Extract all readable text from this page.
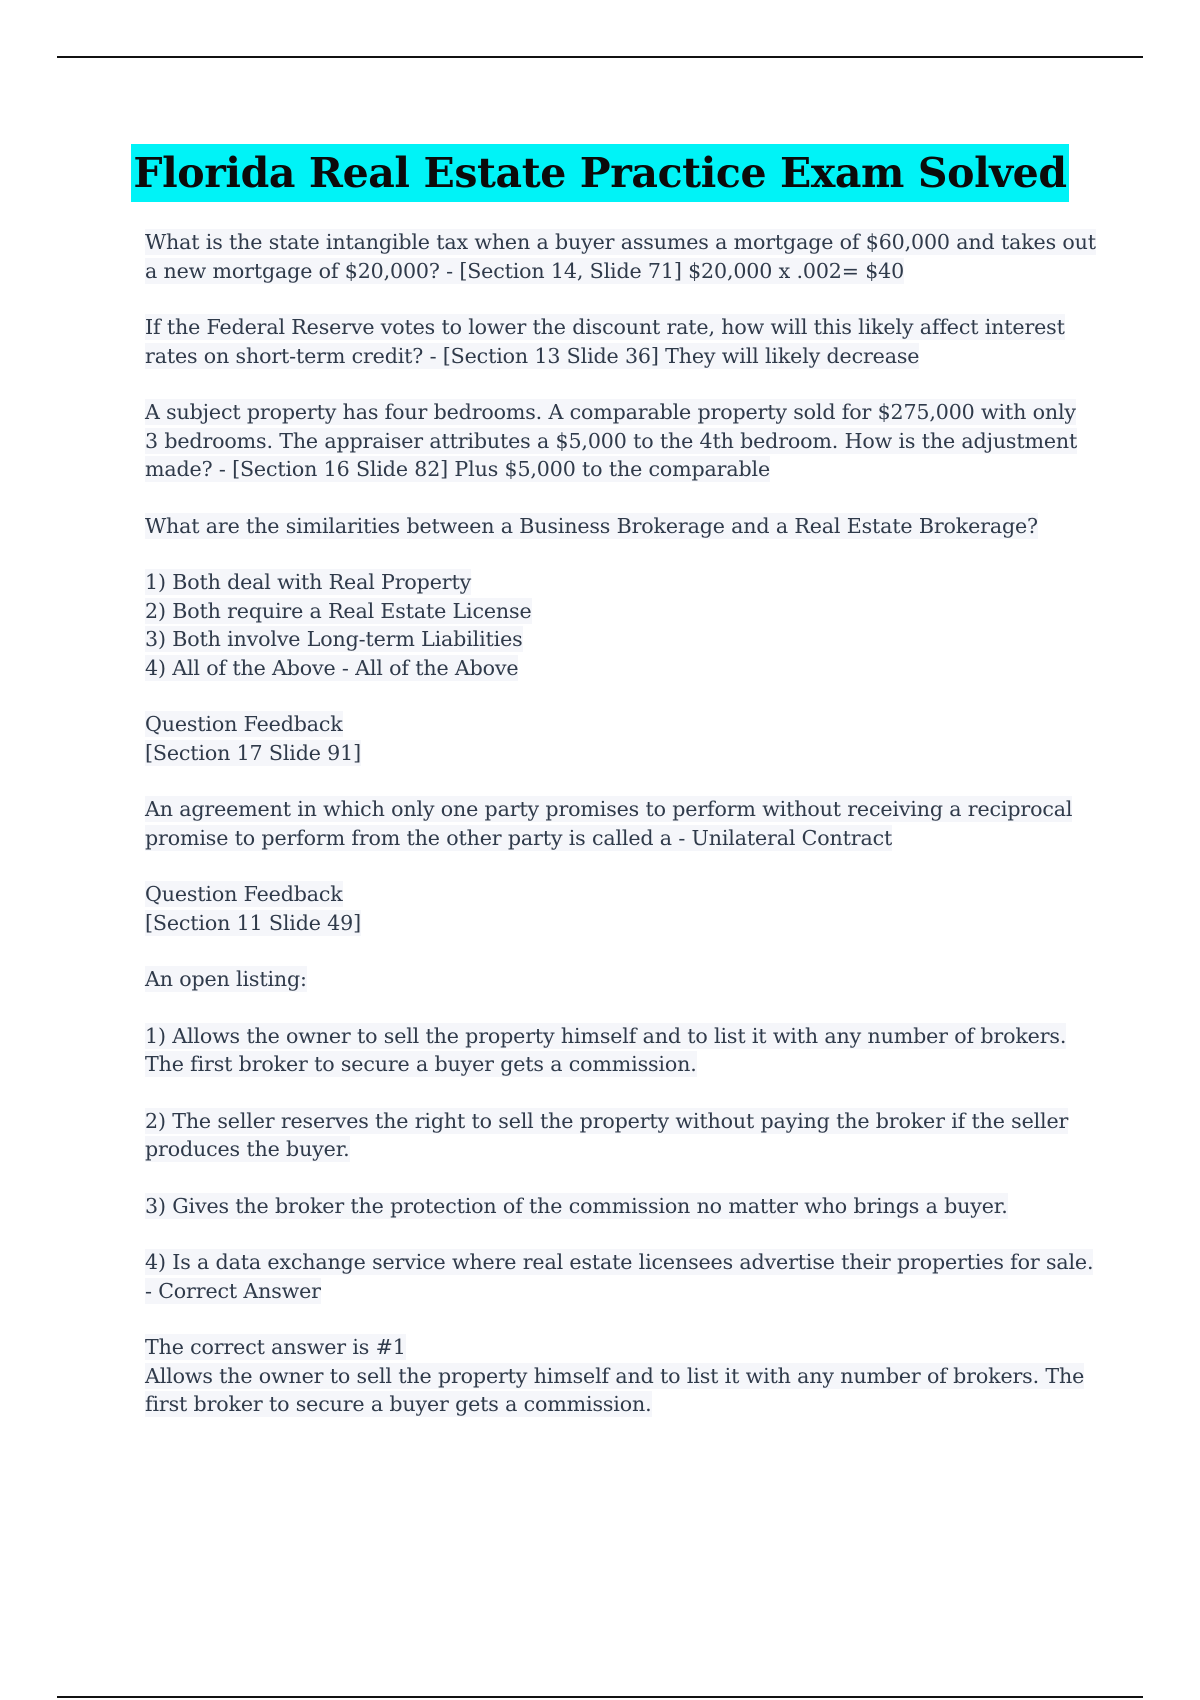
Florida Real Estate Practice Exam Solved
What is the state intangible tax when a buyer assumes a mortgage of $60,000 and takes out
a new mortgage of $20,000? - [Section 14, Slide 71] $20,000 x .002= $40
If the Federal Reserve votes to lower the discount rate, how will this likely affect interest
rates on short-term credit? - [Section 13 Slide 36] They will likely decrease
A subject property has four bedrooms. A comparable property sold for $275,000 with only
3 bedrooms. The appraiser attributes a $5,000 to the 4th bedroom. How is the adjustment
made? - [Section 16 Slide 82] Plus $5,000 to the comparable
What are the similarities between a Business Brokerage and a Real Estate Brokerage?
1) Both deal with Real Property
2) Both require a Real Estate License
3) Both involve Long-term Liabilities
4) All of the Above - All of the Above
Question Feedback
[Section 17 Slide 91]
An agreement in which only one party promises to perform without receiving a reciprocal
promise to perform from the other party is called a - Unilateral Contract
Question Feedback
[Section 11 Slide 49]
An open listing:
1) Allows the owner to sell the property himself and to list it with any number of brokers.
The first broker to secure a buyer gets a commission.
2) The seller reserves the right to sell the property without paying the broker if the seller
produces the buyer.
3) Gives the broker the protection of the commission no matter who brings a buyer.
4) Is a data exchange service where real estate licensees advertise their properties for sale.
- Correct Answer
The correct answer is #1
Allows the owner to sell the property himself and to list it with any number of brokers. The
first broker to secure a buyer gets a commission.
